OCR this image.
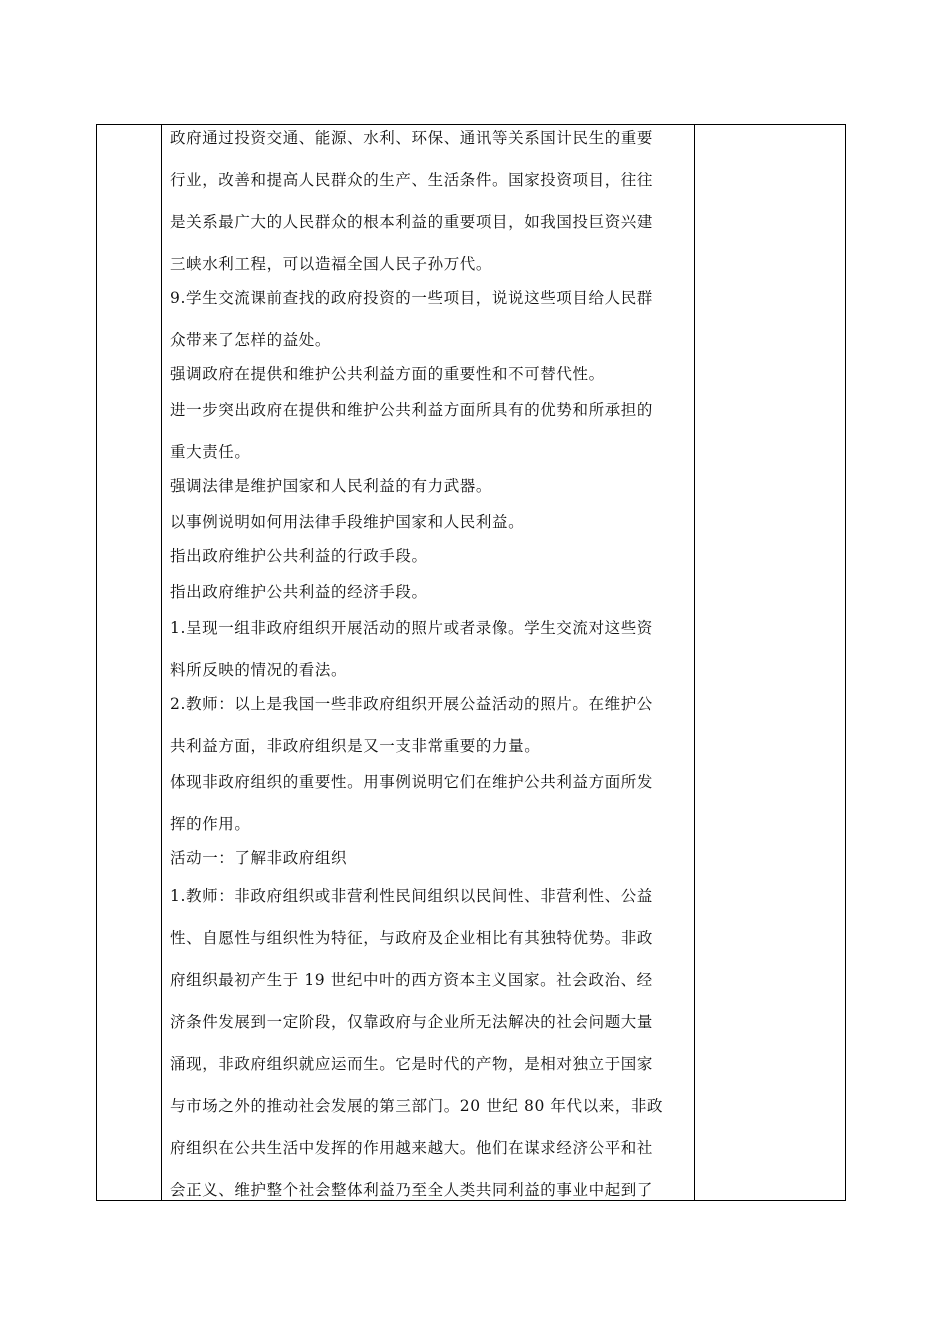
政府通过投资交通、能源、水利、环保、通讯等关系国计民生的重要
行业，改善和提高人民群众的生产、生活条件。国家投资项目，往往
是关系最广大的人民群众的根本利益的重要项目，如我国投巨资兴建
三峡水利工程，可以造福全国人民子孙万代。
9.学生交流课前查找的政府投资的一些项目，说说这些项目给人民群
众带来了怎样的益处。
强调政府在提供和维护公共利益方面的重要性和不可替代性。
进一步突出政府在提供和维护公共利益方面所具有的优势和所承担的
重大责任。
强调法律是维护国家和人民利益的有力武器。
以事例说明如何用法律手段维护国家和人民利益。
指出政府维护公共利益的行政手段。
指出政府维护公共利益的经济手段。
1.呈现一组非政府组织开展活动的照片或者录像。学生交流对这些资
料所反映的情况的看法。
2.教师：以上是我国一些非政府组织开展公益活动的照片。在维护公
共利益方面，非政府组织是又一支非常重要的力量。
体现非政府组织的重要性。用事例说明它们在维护公共利益方面所发
挥的作用。
活动一：了解非政府组织
1.教师：非政府组织或非营利性民间组织以民间性、非营利性、公益
性、自愿性与组织性为特征，与政府及企业相比有其独特优势。非政
府组织最初产生于 19 世纪中叶的西方资本主义国家。社会政治、经
济条件发展到一定阶段，仅靠政府与企业所无法解决的社会问题大量
涌现，非政府组织就应运而生。它是时代的产物，是相对独立于国家
与市场之外的推动社会发展的第三部门。20 世纪 80 年代以来，非政
府组织在公共生活中发挥的作用越来越大。他们在谋求经济公平和社
会正义、维护整个社会整体利益乃至全人类共同利益的事业中起到了
